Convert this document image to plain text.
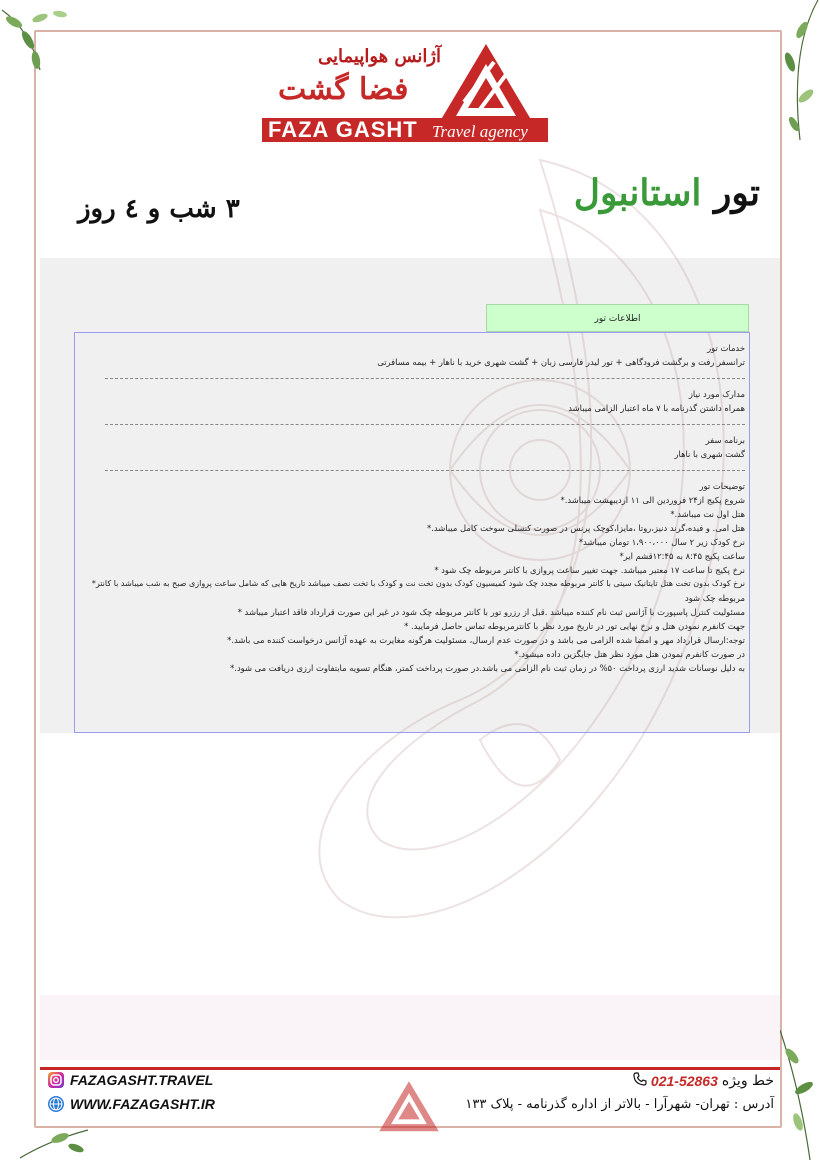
آژانس هواپیمایی
فضا گشت
FAZA GASHT Travel agency
تور استانبول
۳ شب و ٤ روز
اطلاعات تور
خدمات تور
ترانسفر رفت و برگشت فرودگاهی + تور لیدر فارسی زبان + گشت شهری خرید با ناهار + بیمه مسافرتی
مدارک مورد نیاز
همراه داشتن گذرنامه با ۷ ماه اعتبار الزامی میباشد
برنامه سفر
گشت شهری با ناهار
توضیحات تور
شروع پکیج از۲۴ فروردین الی ۱۱ اردیبهشت میباشد.*
هتل اول نت میباشد.*
هتل امی. و فیده،گرند دنیز،روتا ،مایزا،کوچک پرنس در صورت کنسلی سوخت کامل میباشد.*
نرخ کودک زیر ۲ سال ۱،۹۰۰،۰۰۰ تومان میباشد*
ساعت پکیج ۸:۴۵ به ۱۲:۴۵قشم ایر*
نرخ پکیج تا ساعت ۱۷ معتبر میباشد. جهت تغییر ساعت پروازی با کانتر مربوطه چک شود *
نرخ کودک بدون تخت هتل تایتانیک سیتی با کانتر مربوطه مجدد چک شود کمیسیون کودک بدون تخت نت و کودک با تخت نصف میباشد تاریخ هایی که شامل ساعت پروازی صبح به شب میباشد با کانتر*
مربوطه چک شود
مسئولیت کنترل پاسپورت با آژانس ثبت نام کننده میباشد .قبل از رزرو تور با کانتر مربوطه چک شود در غیر این صورت قرارداد فاقد اعتبار میباشد *
جهت کانفرم نمودن هتل و نرخ نهایی تور در تاریخ مورد نظر با کانترمربوطه تماس حاصل فرمایید. *
توجه:ارسال قرارداد مهر و امضا شده الزامی می باشد و در صورت عدم ارسال، مسئولیت هرگونه مغایرت به عهده آژانس درخواست کننده می باشد.*
در صورت کانفرم نمودن هتل مورد نظر هتل جایگزین داده میشود.*
به دلیل نوسانات شدید ارزی پرداخت ۵۰% در زمان ثبت نام الزامی می باشد.در صورت پرداخت کمتر، هنگام تسویه مابتفاوت ارزی دریافت می شود.*
FAZAGASHT.TRAVEL
WWW.FAZAGASHT.IR
خط ویژه
021-52863
آدرس : تهران- شهرآرا - بالاتر از اداره گذرنامه - پلاک ۱۳۳
